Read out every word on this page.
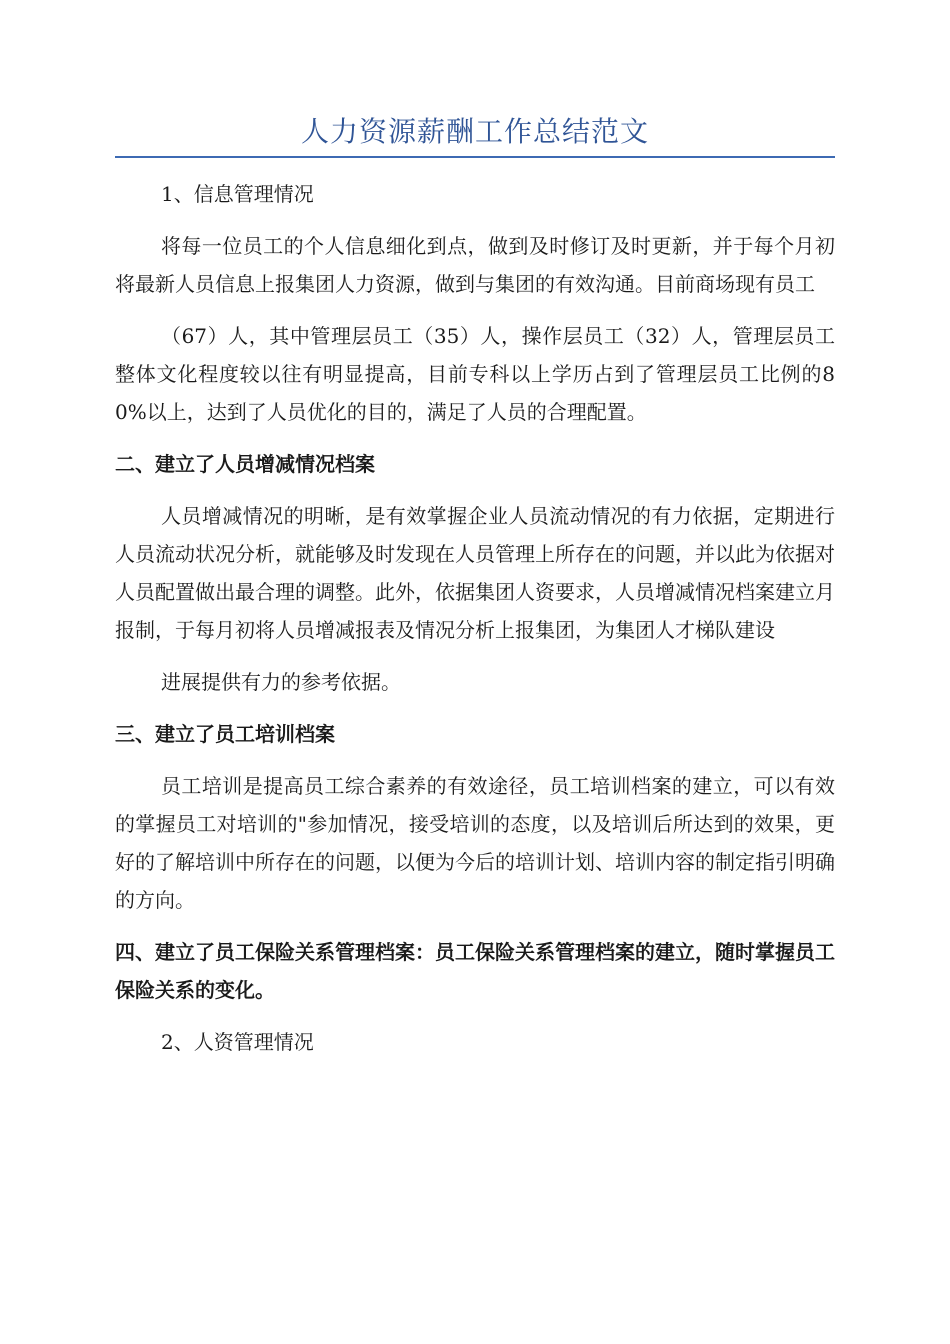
人力资源薪酬工作总结范文

1、信息管理情况

将每一位员工的个人信息细化到点，做到及时修订及时更新，并于每个月初将最新人员信息上报集团人力资源，做到与集团的有效沟通。目前商场现有员工

（67）人，其中管理层员工（35）人，操作层员工（32）人，管理层员工整体文化程度较以往有明显提高，目前专科以上学历占到了管理层员工比例的80%以上，达到了人员优化的目的，满足了人员的合理配置。

二、建立了人员增减情况档案

人员增减情况的明晰，是有效掌握企业人员流动情况的有力依据，定期进行人员流动状况分析，就能够及时发现在人员管理上所存在的问题，并以此为依据对人员配置做出最合理的调整。此外，依据集团人资要求，人员增减情况档案建立月报制，于每月初将人员增减报表及情况分析上报集团，为集团人才梯队建设

进展提供有力的参考依据。

三、建立了员工培训档案

员工培训是提高员工综合素养的有效途径，员工培训档案的建立，可以有效的掌握员工对培训的"参加情况，接受培训的态度，以及培训后所达到的效果，更好的了解培训中所存在的问题，以便为今后的培训计划、培训内容的制定指引明确的方向。

四、建立了员工保险关系管理档案：员工保险关系管理档案的建立，随时掌握员工保险关系的变化。

2、人资管理情况
